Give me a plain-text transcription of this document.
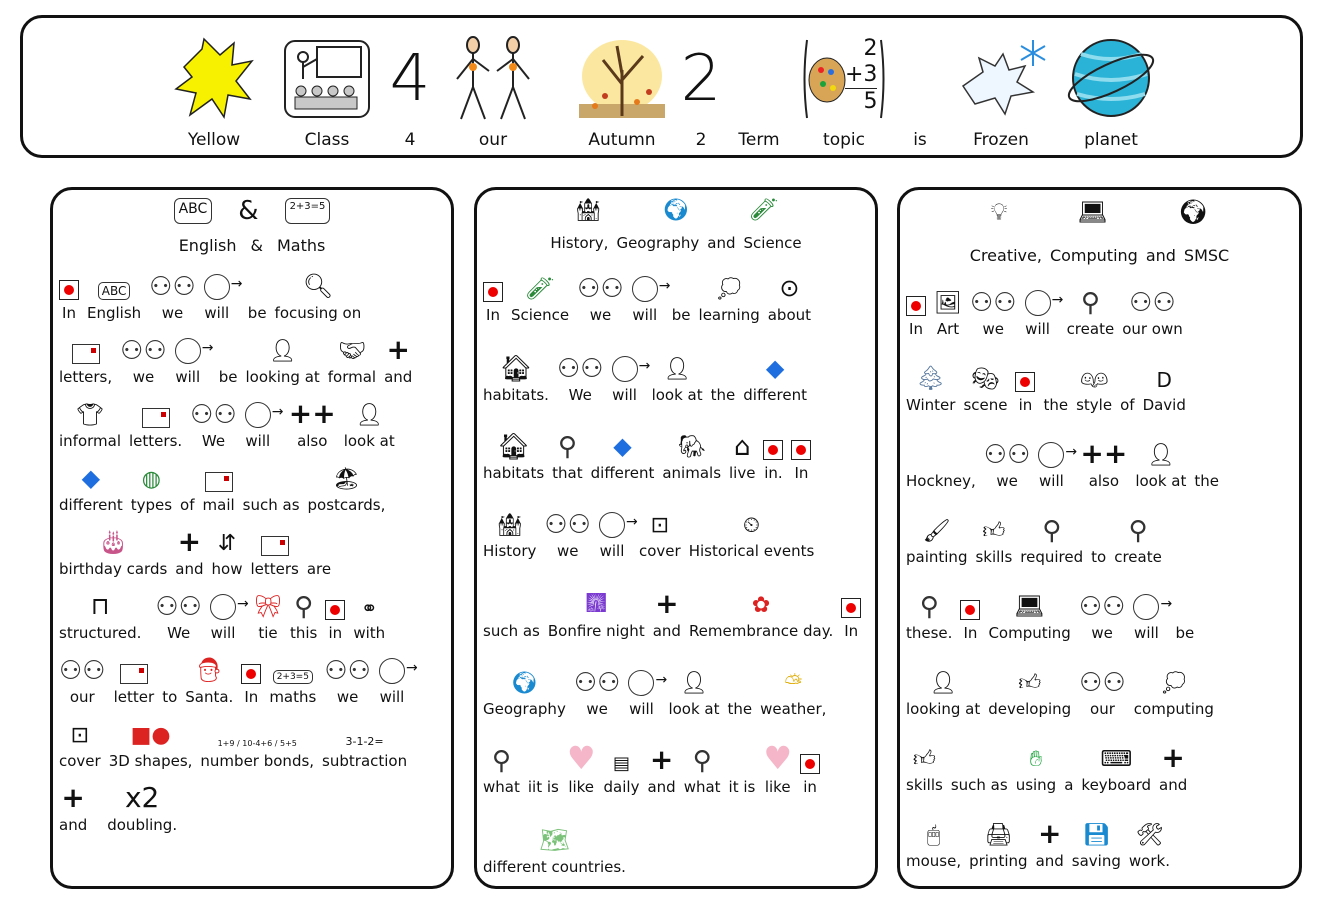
Yellow	Class
4
4	our	Autumn
2
2	Term
2
+3
5
topic	is	Frozen	planet
ABC &	2+3=5
English & Maths
In
ABC
English
⚇⚇
we
→ will be
🔍︎
focusing on
letters,
⚇⚇
we
→ will be
👤︎
looking at
🤝︎
formal
+
and
👕︎
informal letters.
⚇⚇
We
→ will
++
also
👤︎
look at
◆
different
◍
types of mail such as
🏖︎
postcards,
🎂︎
birthday cards
+
and
⇵
how letters are
⊓
structured.
⚇⚇
We
→ will
🎀︎
tie
⚲
this in
⚭
with
⚇⚇
our letter to
🎅︎
Santa. In
2+3=5
maths
⚇⚇
we
→ will
⊡
cover
■●
3D shapes,
1+9 / 10-4+6 / 5+5
number bonds,
3-1-2=
subtraction
+
and
x2
doubling.
🏰︎	🌍︎	🧪︎
History, Geography and Science
In
🧪︎
Science
⚇⚇
we
→ will be
💭︎
learning
⊙
about
🏠︎
habitats.
⚇⚇
We
→ will
👤︎
look at the
◆
different
🏠︎
habitats
⚲
that
◆
different
🐘︎
animals
⌂
live in. In
🏰︎
History
⚇⚇
we
→ will
⊡
cover
⏲︎
Historical events
such as
🎆︎
Bonfire night
+
and
✿
Remembrance day. In
🌍︎
Geography
⚇⚇
we
→ will
👤︎
look at the
⛅︎
weather,
⚲
what iit is
♥
like
▤
daily
+
and
⚲
what it is
♥
like in
🗺︎
different countries.
💡︎	💻︎	🌍︎
Creative, Computing and SMSC
In
🖼︎
Art
⚇⚇
we
→ will
⚲
create
⚇⚇
our own
🌲︎
Winter
🎭︎
scene in the
👫︎
style of
D
David
Hockney,
⚇⚇
we
→ will
++
also
👤︎
look at the
🖌︎
painting
👍︎
skills
⚲
required to
⚲
create
⚲
these. In
💻︎
Computing
⚇⚇
we
→ will be
👤︎
looking at
👍︎
developing
⚇⚇
our
💭︎
computing
👍︎
skills such as
✋︎
using a
⌨︎
keyboard
+
and
🖱︎
mouse,
🖨︎
printing
+
and
💾︎
saving
🛠︎
work.
